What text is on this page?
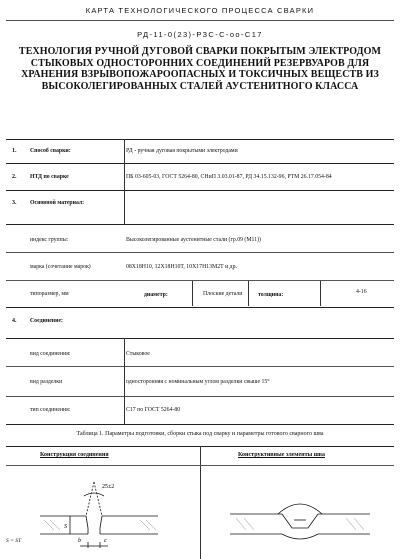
КАРТА ТЕХНОЛОГИЧЕСКОГО ПРОЦЕССА СВАРКИ
РД-11-0(23)-РЗС-С-оо-С17
ТЕХНОЛОГИЯ РУЧНОЙ ДУГОВОЙ СВАРКИ ПОКРЫТЫМ ЭЛЕКТРОДОМ СТЫКОВЫХ ОДНОСТОРОННИХ СОЕДИНЕНИЙ РЕЗЕРВУАРОВ ДЛЯ ХРАНЕНИЯ ВЗРЫВОПОЖАРООПАСНЫХ И ТОКСИЧНЫХ ВЕЩЕСТВ ИЗ ВЫСОКОЛЕГИРОВАННЫХ СТАЛЕЙ АУСТЕНИТНОГО КЛАССА
1. Способ сварки:	РД - ручная дуговая покрытыми электродами
2. НТД по сварке	ПБ 03-605-03, ГОСТ 5264-80, СНиП 3.03.01-87, РД 34.15.132-96, РТМ 26.17.054-84
3. Основной материал:
индекс группы:	Высоколегированные аустенитные стали (гр.09 (M11))
марка (сочетание марок)	08Х18Н10, 12Х18Н10Т, 10Х17Н13М2Т и др.
типоразмер, мм	диаметр:	Плоские детали	толщина:	4-16
4. Соединение:
вид соединения:	Стыковое
вид разделки	односторонняя с номинальным углом разделки свыше 15°
тип соединения:	С17 по ГОСТ 5264-80
Таблица 1. Параметры подготовки, сборки стыка под сварку и параметры готового сварного шва
Конструкция соединения	Конструктивные элементы шва
25±2
S
b	c
S = ST
